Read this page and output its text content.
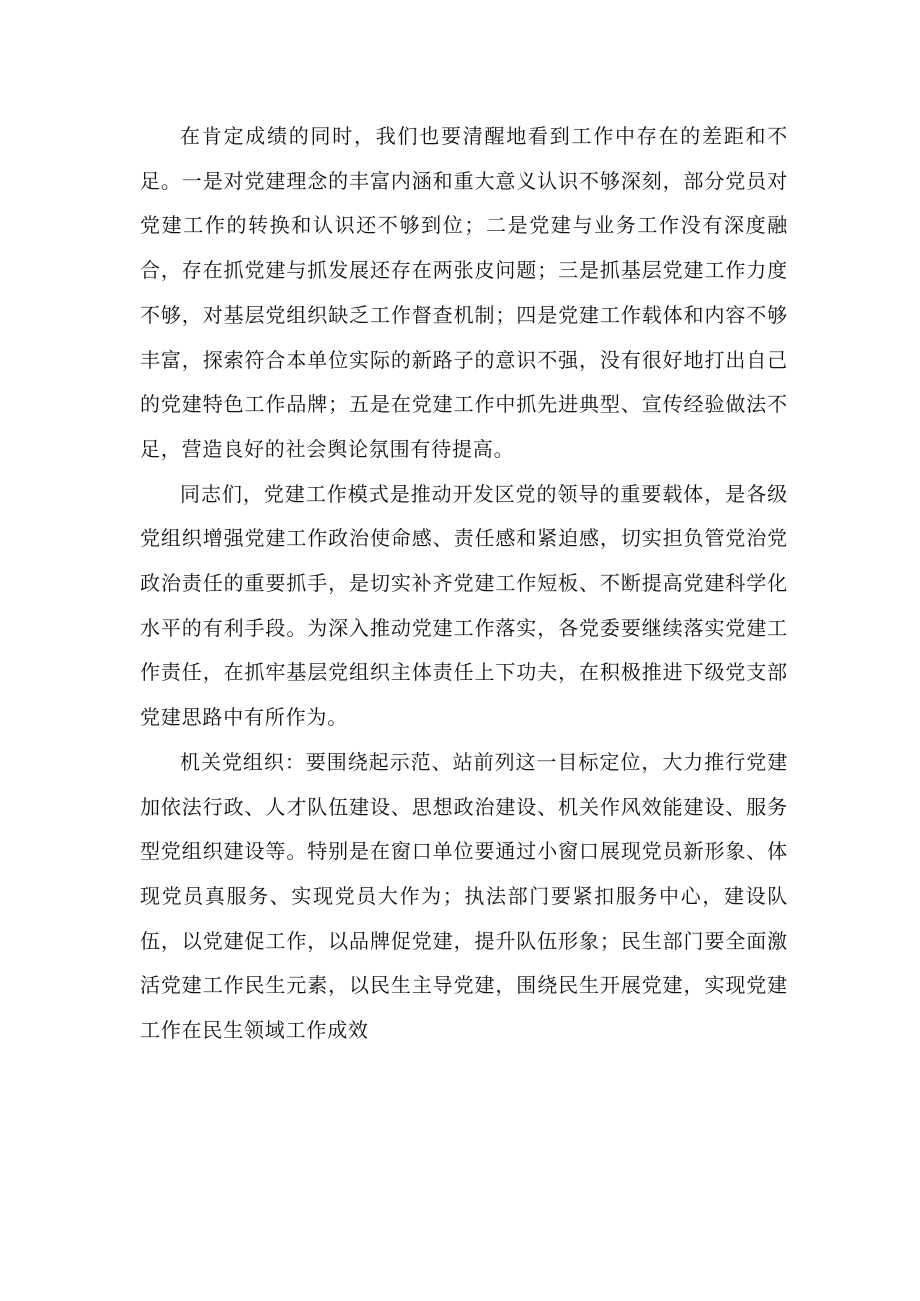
在肯定成绩的同时，我们也要清醒地看到工作中存在的差距和不足。一是对党建理念的丰富内涵和重大意义认识不够深刻，部分党员对党建工作的转换和认识还不够到位；二是党建与业务工作没有深度融合，存在抓党建与抓发展还存在两张皮问题；三是抓基层党建工作力度不够，对基层党组织缺乏工作督查机制；四是党建工作载体和内容不够丰富，探索符合本单位实际的新路子的意识不强，没有很好地打出自己的党建特色工作品牌；五是在党建工作中抓先进典型、宣传经验做法不足，营造良好的社会舆论氛围有待提高。

同志们，党建工作模式是推动开发区党的领导的重要载体，是各级党组织增强党建工作政治使命感、责任感和紧迫感，切实担负管党治党政治责任的重要抓手，是切实补齐党建工作短板、不断提高党建科学化水平的有利手段。为深入推动党建工作落实，各党委要继续落实党建工作责任，在抓牢基层党组织主体责任上下功夫，在积极推进下级党支部党建思路中有所作为。

机关党组织：要围绕起示范、站前列这一目标定位，大力推行党建加依法行政、人才队伍建设、思想政治建设、机关作风效能建设、服务型党组织建设等。特别是在窗口单位要通过小窗口展现党员新形象、体现党员真服务、实现党员大作为；执法部门要紧扣服务中心，建设队伍，以党建促工作，以品牌促党建，提升队伍形象；民生部门要全面激活党建工作民生元素，以民生主导党建，围绕民生开展党建，实现党建工作在民生领域工作成效
